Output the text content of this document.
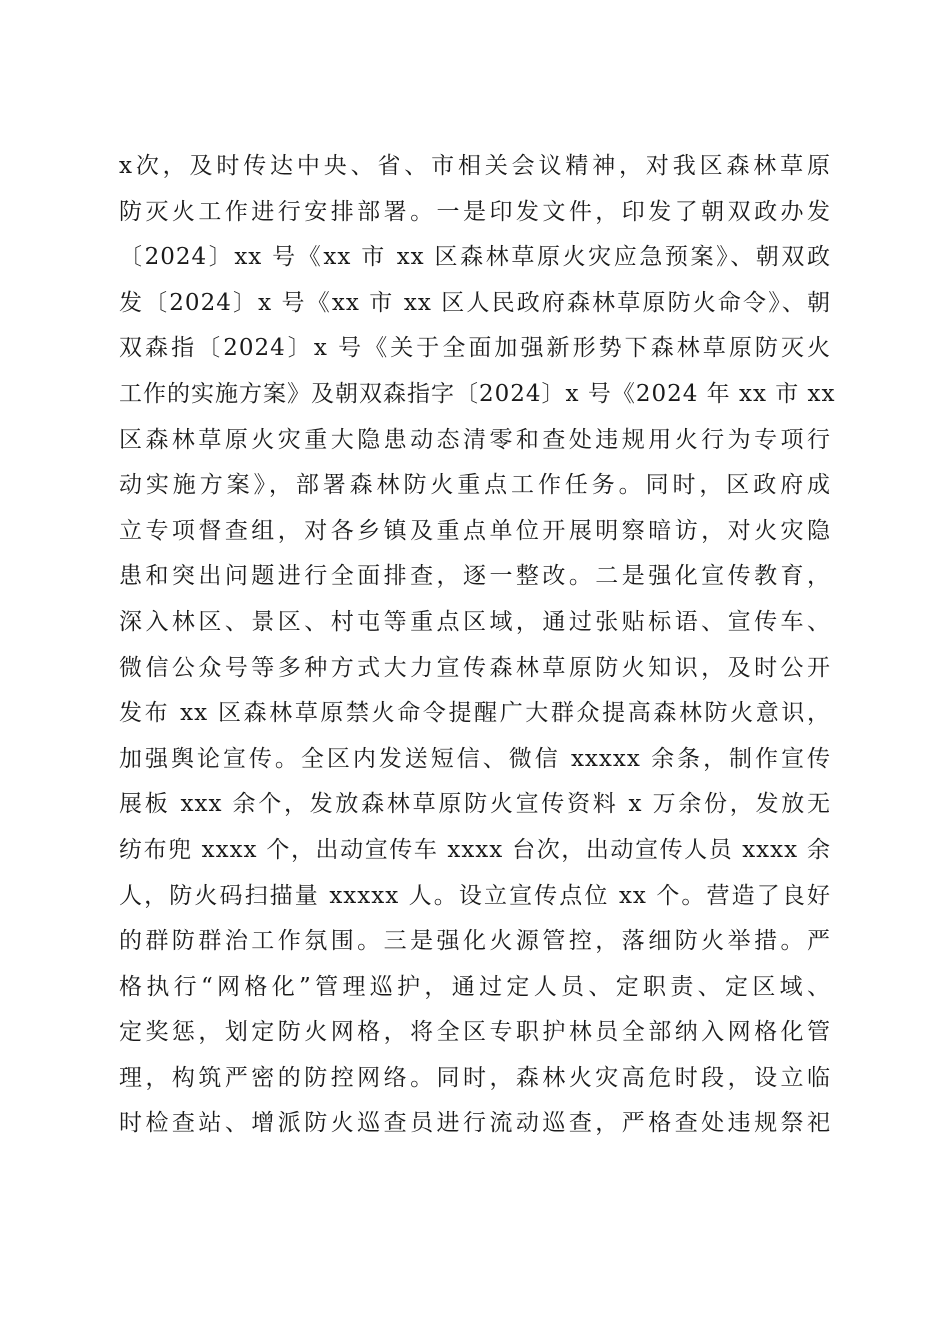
x次，及时传达中央、省、市相关会议精神，对我区森林草原
防灭火工作进行安排部署。一是印发文件，印发了朝双政办发
〔2024〕xx 号《xx 市 xx 区森林草原火灾应急预案》、朝双政
发〔2024〕x 号《xx 市 xx 区人民政府森林草原防火命令》、朝
双森指〔2024〕x 号《关于全面加强新形势下森林草原防灭火
工作的实施方案》及朝双森指字〔2024〕x 号《2024 年 xx 市 xx
区森林草原火灾重大隐患动态清零和查处违规用火行为专项行
动实施方案》，部署森林防火重点工作任务。同时，区政府成
立专项督查组，对各乡镇及重点单位开展明察暗访，对火灾隐
患和突出问题进行全面排查，逐一整改。二是强化宣传教育，
深入林区、景区、村屯等重点区域，通过张贴标语、宣传车、
微信公众号等多种方式大力宣传森林草原防火知识，及时公开
发布 xx 区森林草原禁火命令提醒广大群众提高森林防火意识，
加强舆论宣传。全区内发送短信、微信 xxxxx 余条，制作宣传
展板 xxx 余个，发放森林草原防火宣传资料 x 万余份，发放无
纺布兜 xxxx 个，出动宣传车 xxxx 台次，出动宣传人员 xxxx 余
人，防火码扫描量 xxxxx 人。设立宣传点位 xx 个。营造了良好
的群防群治工作氛围。三是强化火源管控，落细防火举措。严
格执行“网格化”管理巡护，通过定人员、定职责、定区域、
定奖惩，划定防火网格，将全区专职护林员全部纳入网格化管
理，构筑严密的防控网络。同时，森林火灾高危时段，设立临
时检查站、增派防火巡查员进行流动巡查，严格查处违规祭祀
